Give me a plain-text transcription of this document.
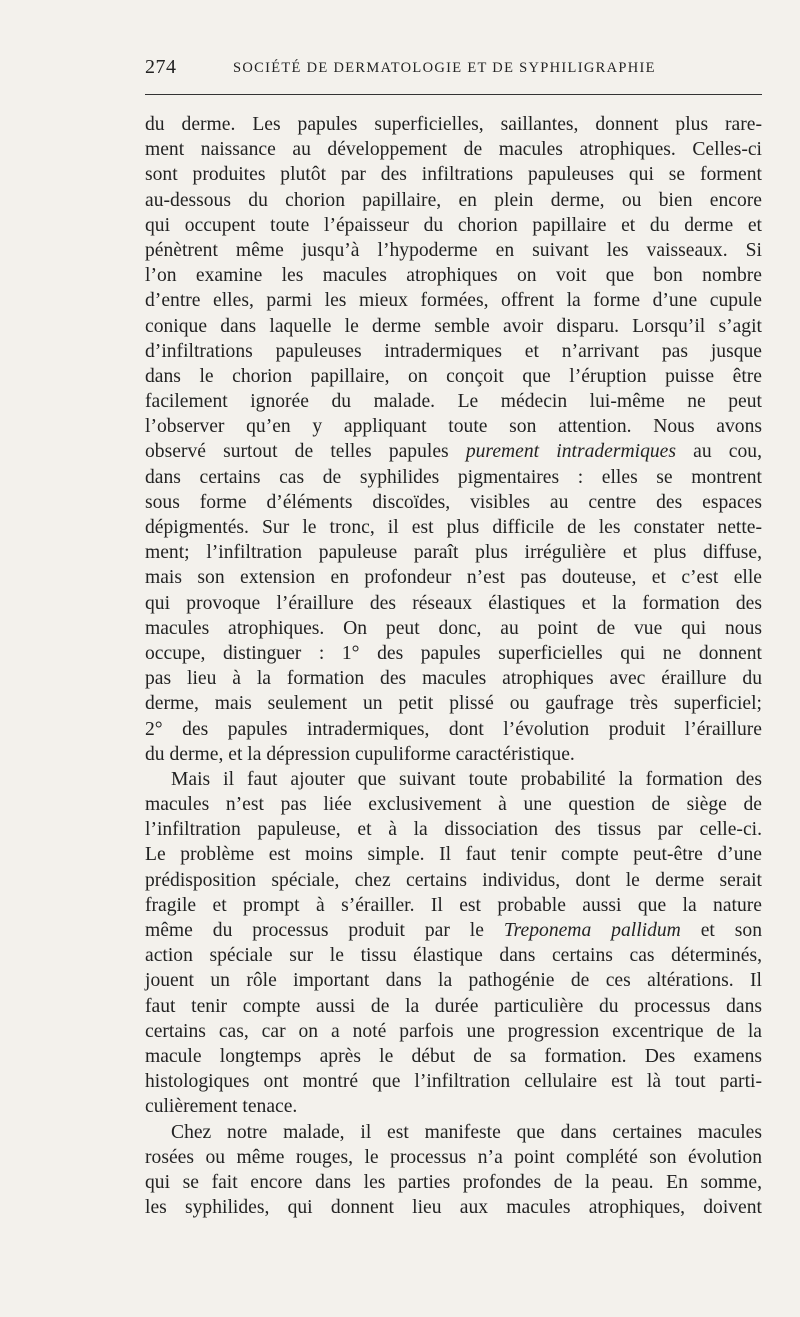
274	SOCIÉTÉ DE DERMATOLOGIE ET DE SYPHILIGRAPHIE
du derme. Les papules superficielles, saillantes, donnent plus rare-
ment naissance au développement de macules atrophiques. Celles-ci
sont produites plutôt par des infiltrations papuleuses qui se forment
au-dessous du chorion papillaire, en plein derme, ou bien encore
qui occupent toute l’épaisseur du chorion papillaire et du derme et
pénètrent même jusqu’à l’hypoderme en suivant les vaisseaux. Si
l’on examine les macules atrophiques on voit que bon nombre
d’entre elles, parmi les mieux formées, offrent la forme d’une cupule
conique dans laquelle le derme semble avoir disparu. Lorsqu’il s’agit
d’infiltrations papuleuses intradermiques et n’arrivant pas jusque
dans le chorion papillaire, on conçoit que l’éruption puisse être
facilement ignorée du malade. Le médecin lui-même ne peut
l’observer qu’en y appliquant toute son attention. Nous avons
observé surtout de telles papules purement intradermiques au cou,
dans certains cas de syphilides pigmentaires : elles se montrent
sous forme d’éléments discoïdes, visibles au centre des espaces
dépigmentés. Sur le tronc, il est plus difficile de les constater nette-
ment; l’infiltration papuleuse paraît plus irrégulière et plus diffuse,
mais son extension en profondeur n’est pas douteuse, et c’est elle
qui provoque l’éraillure des réseaux élastiques et la formation des
macules atrophiques. On peut donc, au point de vue qui nous
occupe, distinguer : 1° des papules superficielles qui ne donnent
pas lieu à la formation des macules atrophiques avec éraillure du
derme, mais seulement un petit plissé ou gaufrage très superficiel;
2° des papules intradermiques, dont l’évolution produit l’éraillure
du derme, et la dépression cupuliforme caractéristique.
Mais il faut ajouter que suivant toute probabilité la formation des
macules n’est pas liée exclusivement à une question de siège de
l’infiltration papuleuse, et à la dissociation des tissus par celle-ci.
Le problème est moins simple. Il faut tenir compte peut-être d’une
prédisposition spéciale, chez certains individus, dont le derme serait
fragile et prompt à s’érailler. Il est probable aussi que la nature
même du processus produit par le Treponema pallidum et son
action spéciale sur le tissu élastique dans certains cas déterminés,
jouent un rôle important dans la pathogénie de ces altérations. Il
faut tenir compte aussi de la durée particulière du processus dans
certains cas, car on a noté parfois une progression excentrique de la
macule longtemps après le début de sa formation. Des examens
histologiques ont montré que l’infiltration cellulaire est là tout parti-
culièrement tenace.
Chez notre malade, il est manifeste que dans certaines macules
rosées ou même rouges, le processus n’a point complété son évolution
qui se fait encore dans les parties profondes de la peau. En somme,
les syphilides, qui donnent lieu aux macules atrophiques, doivent
